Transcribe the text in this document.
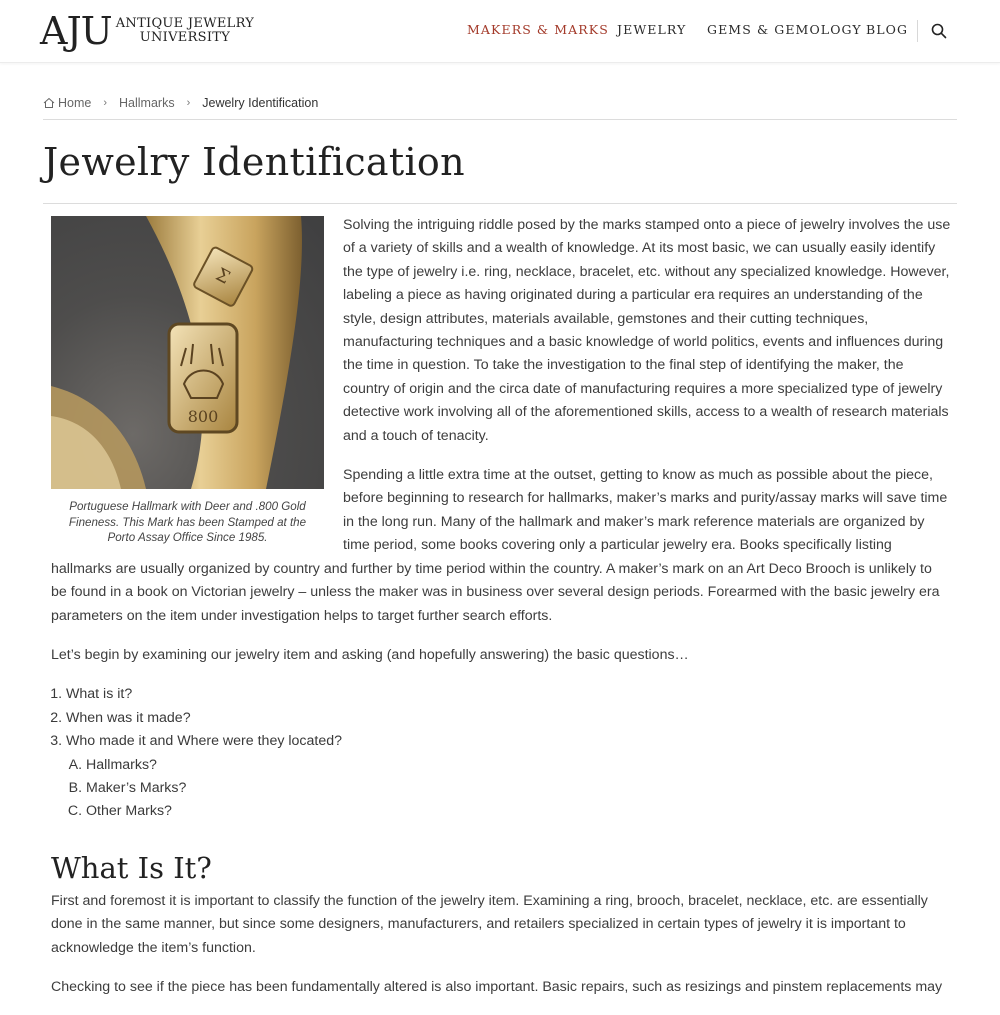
AJU ANTIQUE JEWELRY
UNIVERSITY
MAKERS & MARKS JEWELRY GEMS & GEMOLOGY BLOG
Home › Hallmarks › Jewelry Identification
Jewelry Identification
Σ
800
Portuguese Hallmark with Deer and .800 Gold Fineness. This Mark has been Stamped at the Porto Assay Office Since 1985.

Solving the intriguing riddle posed by the marks stamped onto a piece of jewelry involves the use of a variety of skills and a wealth of knowledge. At its most basic, we can usually easily identify the type of jewelry i.e. ring, necklace, bracelet, etc. without any specialized knowledge. However, labeling a piece as having originated during a particular era requires an understanding of the style, design attributes, materials available, gemstones and their cutting techniques, manufacturing techniques and a basic knowledge of world politics, events and influences during the time in question. To take the investigation to the final step of identifying the maker, the country of origin and the circa date of manufacturing requires a more specialized type of jewelry detective work involving all of the aforementioned skills, access to a wealth of research materials and a touch of tenacity.

Spending a little extra time at the outset, getting to know as much as possible about the piece, before beginning to research for hallmarks, maker’s marks and purity/assay marks will save time in the long run. Many of the hallmark and maker’s mark reference materials are organized by time period, some books covering only a particular jewelry era. Books specifically listing hallmarks are usually organized by country and further by time period within the country. A maker’s mark on an Art Deco Brooch is unlikely to be found in a book on Victorian jewelry – unless the maker was in business over several design periods. Forearmed with the basic jewelry era parameters on the item under investigation helps to target further search efforts.

Let’s begin by examining our jewelry item and asking (and hopefully answering) the basic questions…

1. What is it?
2. When was it made?
3. Who made it and Where were they located?
A. Hallmarks?
B. Maker’s Marks?
C. Other Marks?
What Is It?

First and foremost it is important to classify the function of the jewelry item. Examining a ring, brooch, bracelet, necklace, etc. are essentially done in the same manner, but since some designers, manufacturers, and retailers specialized in certain types of jewelry it is important to acknowledge the item’s function.

Checking to see if the piece has been fundamentally altered is also important. Basic repairs, such as resizings and pinstem replacements may
